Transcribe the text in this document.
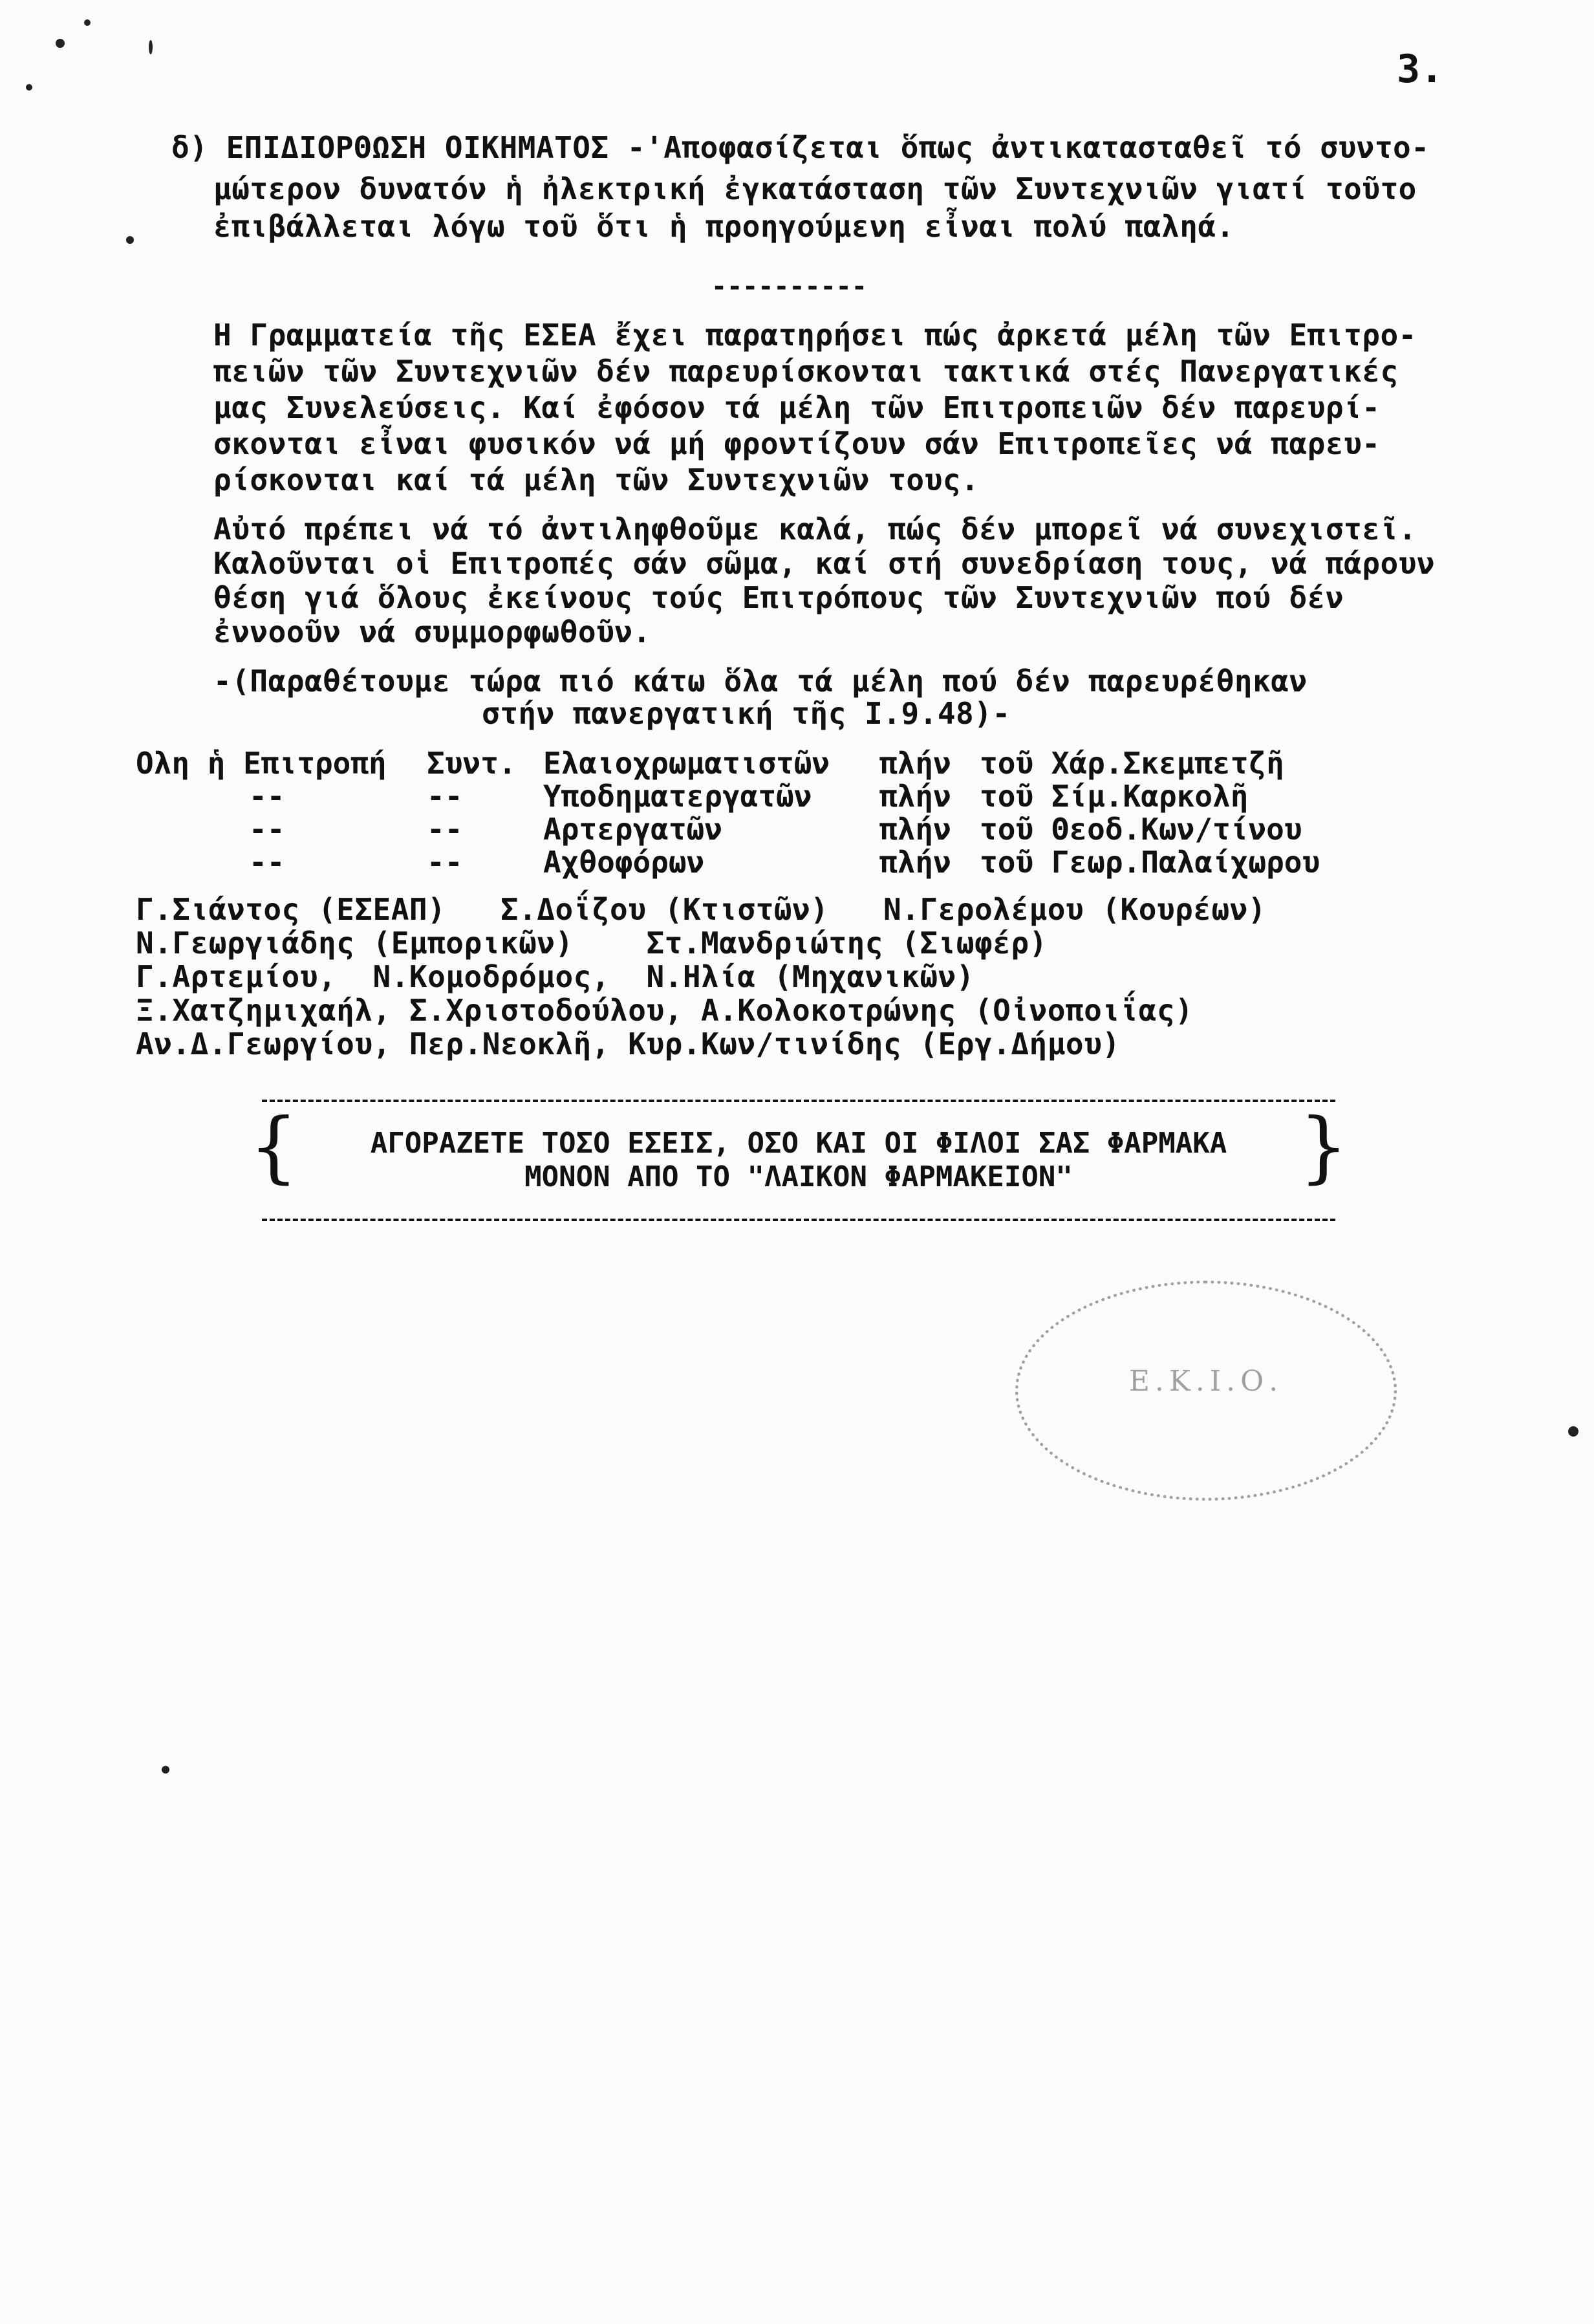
3.
δ) ΕΠΙΔΙΟΡΘΩΣΗ ΟΙΚΗΜΑΤΟΣ -'Αποφασίζεται ὅπως ἀντικατασταθεῖ τό συντο-
μώτερον δυνατόν ἡ ἠλεκτρική ἐγκατάσταση τῶν Συντεχνιῶν γιατί τοῦτο
ἐπιβάλλεται λόγω τοῦ ὅτι ἡ προηγούμενη εἶναι πολύ παληά.
----------
Η Γραμματεία τῆς ΕΣΕΑ ἔχει παρατηρήσει πώς ἀρκετά μέλη τῶν Επιτρο-
πειῶν τῶν Συντεχνιῶν δέν παρευρίσκονται τακτικά στές Πανεργατικές
μας Συνελεύσεις. Καί ἐφόσον τά μέλη τῶν Επιτροπειῶν δέν παρευρί-
σκονται εἶναι φυσικόν νά μή φροντίζουν σάν Επιτροπεῖες νά παρευ-
ρίσκονται καί τά μέλη τῶν Συντεχνιῶν τους.
Αὐτό πρέπει νά τό ἀντιληφθοῦμε καλά, πώς δέν μπορεῖ νά συνεχιστεῖ.
Καλοῦνται οἱ Επιτροπές σάν σῶμα, καί στή συνεδρίαση τους, νά πάρουν
θέση γιά ὅλους ἐκείνους τούς Επιτρόπους τῶν Συντεχνιῶν πού δέν
ἐννοοῦν νά συμμορφωθοῦν.
-(Παραθέτουμε τώρα πιό κάτω ὅλα τά μέλη πού δέν παρευρέθηκαν
στήν πανεργατική τῆς Ι.9.48)-
Ολη ἡ Επιτροπή Συντ. Ελαιοχρωματιστῶν πλήν τοῦ Χάρ.Σκεμπετζῆ
--	--	Υποδηματεργατῶν πλήν τοῦ Σίμ.Καρκολῆ
--	--	Αρτεργατῶν	πλήν τοῦ Θεοδ.Κων/τίνου
--	--	Αχθοφόρων	πλήν τοῦ Γεωρ.Παλαίχωρου
Γ.Σιάντος (ΕΣΕΑΠ)   Σ.Δοΐζου (Κτιστῶν)   Ν.Γερολέμου (Κουρέων)
Ν.Γεωργιάδης (Εμπορικῶν)    Στ.Μανδριώτης (Σιωφέρ)
Γ.Αρτεμίου,  Ν.Κομοδρόμος,  Ν.Ηλία (Μηχανικῶν)
Ξ.Χατζημιχαήλ, Σ.Χριστοδούλου, Α.Κολοκοτρώνης (Οἰνοποιΐας)
Αν.Δ.Γεωργίου, Περ.Νεοκλῆ, Κυρ.Κων/τινίδης (Εργ.Δήμου)
{	}
ΑΓΟΡΑΖΕΤΕ ΤΟΣΟ ΕΣΕΙΣ, ΟΣΟ ΚΑΙ ΟΙ ΦΙΛΟΙ ΣΑΣ ΦΑΡΜΑΚΑ
ΜΟΝΟΝ ΑΠΟ ΤΟ "ΛΑΙΚΟΝ ΦΑΡΜΑΚΕΙΟΝ"
Ε.Κ.Ι.Ο.
